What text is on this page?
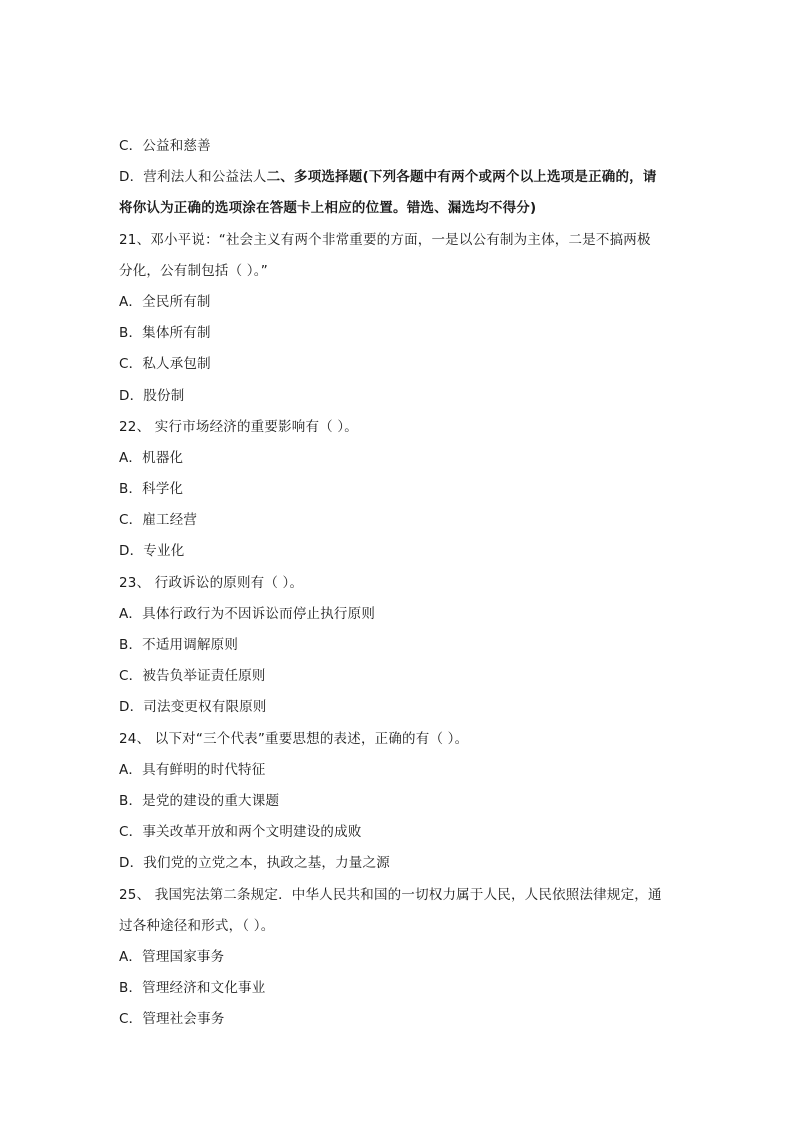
C．公益和慈善
D．营利法人和公益法人二、多项选择题(下列各题中有两个或两个以上选项是正确的，请
将你认为正确的选项涂在答题卡上相应的位置。错选、漏选均不得分)
21、邓小平说：“社会主义有两个非常重要的方面，一是以公有制为主体，二是不搞两极
分化，公有制包括（ ）。”
A．全民所有制
B．集体所有制
C．私人承包制
D．股份制
22、 实行市场经济的重要影响有（ ）。
A．机器化
B．科学化
C．雇工经营
D．专业化
23、 行政诉讼的原则有（ ）。
A．具体行政行为不因诉讼而停止执行原则
B．不适用调解原则
C．被告负举证责任原则
D．司法变更权有限原则
24、 以下对“三个代表”重要思想的表述，正确的有（ ）。
A．具有鲜明的时代特征
B．是党的建设的重大课题
C．事关改革开放和两个文明建设的成败
D．我们党的立党之本，执政之基，力量之源
25、 我国宪法第二条规定．中华人民共和国的一切权力属于人民，人民依照法律规定，通
过各种途径和形式，（ ）。
A．管理国家事务
B．管理经济和文化事业
C．管理社会事务
